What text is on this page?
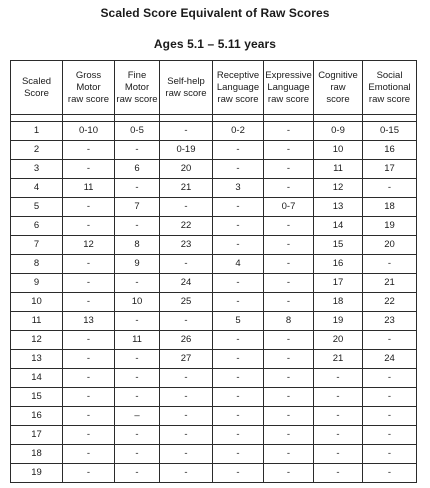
Scaled Score Equivalent of Raw Scores
Ages 5.1 – 5.11 years
Scaled
Score	Gross
Motor
raw score	Fine
Motor
raw score	Self-help
raw score	Receptive
Language
raw score	Expressive
Language
raw score	Cognitive
raw
score	Social
Emotional
raw score

1	0-10	0-5	-	0-2	-	0-9	0-15
2	-	-	0-19	-	-	10	16
3	-	6	20	-	-	11	17
4	11	-	21	3	-	12	-
5	-	7	-	-	0-7	13	18
6	-	-	22	-	-	14	19
7	12	8	23	-	-	15	20
8	-	9	-	4	-	16	-
9	-	-	24	-	-	17	21
10	-	10	25	-	-	18	22
11	13	-	-	5	8	19	23
12	-	11	26	-	-	20	-
13	-	-	27	-	-	21	24
14	-	-	-	-	-	-	-
15	-	-	-	-	-	-	-
16	-	–	-	-	-	-	-
17	-	-	-	-	-	-	-
18	-	-	-	-	-	-	-
19	-	-	-	-	-	-	-
